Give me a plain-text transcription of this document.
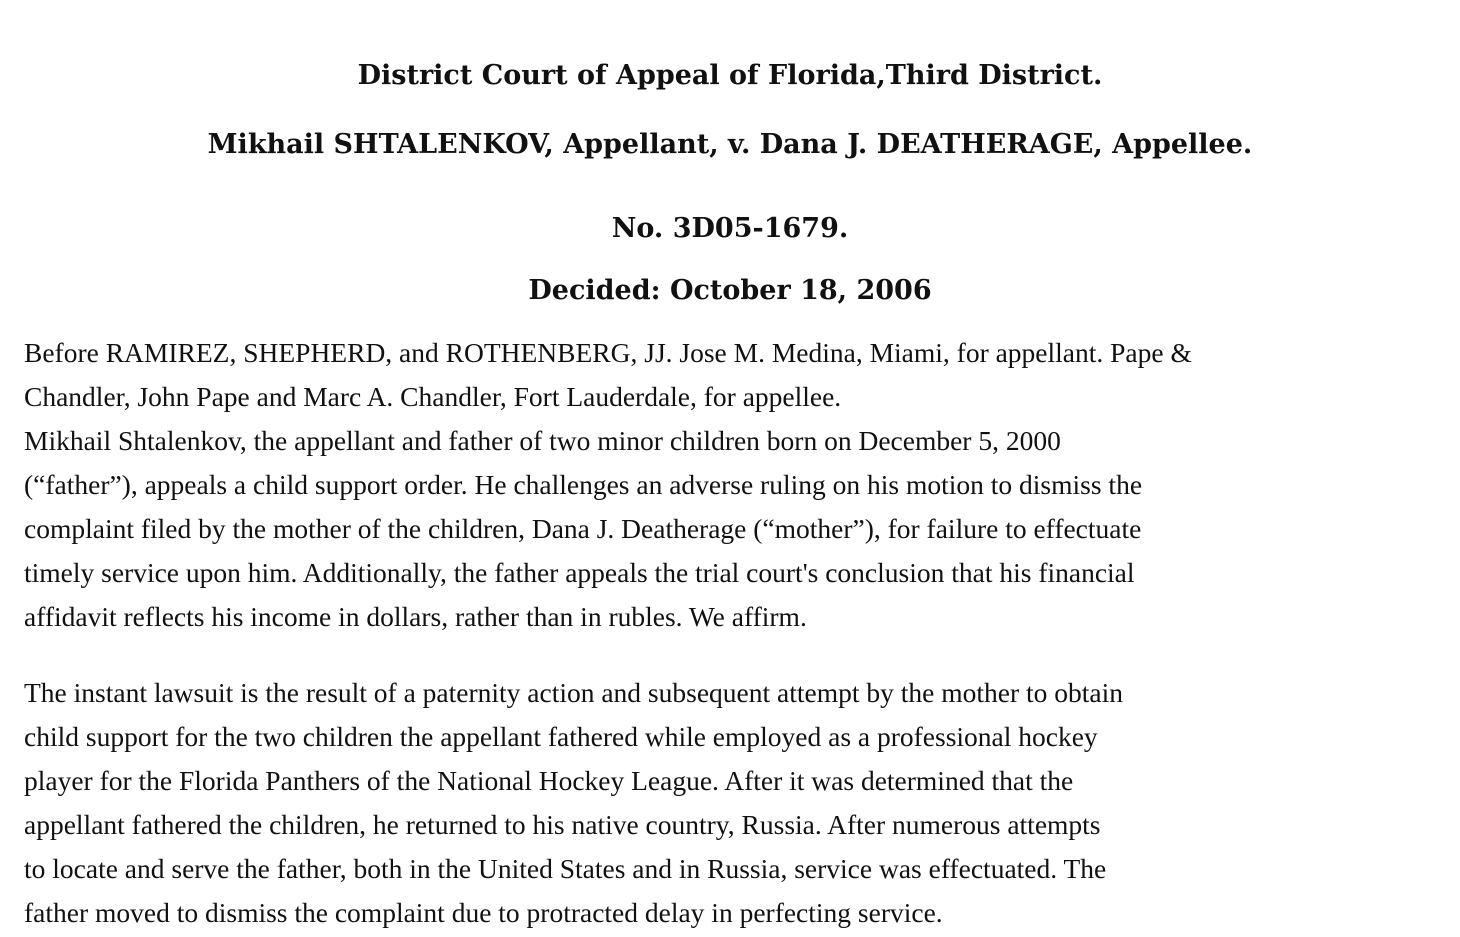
District Court of Appeal of Florida,Third District.
Mikhail SHTALENKOV, Appellant, v. Dana J. DEATHERAGE, Appellee.
No. 3D05-1679.
Decided: October 18, 2006

Before RAMIREZ, SHEPHERD, and ROTHENBERG, JJ. Jose M. Medina, Miami, for appellant. Pape &
Chandler, John Pape and Marc A. Chandler, Fort Lauderdale, for appellee.

Mikhail Shtalenkov, the appellant and father of two minor children born on December 5, 2000
(“father”), appeals a child support order. He challenges an adverse ruling on his motion to dismiss the
complaint filed by the mother of the children, Dana J. Deatherage (“mother”), for failure to effectuate
timely service upon him. Additionally, the father appeals the trial court's conclusion that his financial
affidavit reflects his income in dollars, rather than in rubles. We affirm.

The instant lawsuit is the result of a paternity action and subsequent attempt by the mother to obtain
child support for the two children the appellant fathered while employed as a professional hockey
player for the Florida Panthers of the National Hockey League. After it was determined that the
appellant fathered the children, he returned to his native country, Russia. After numerous attempts
to locate and serve the father, both in the United States and in Russia, service was effectuated. The
father moved to dismiss the complaint due to protracted delay in perfecting service.
